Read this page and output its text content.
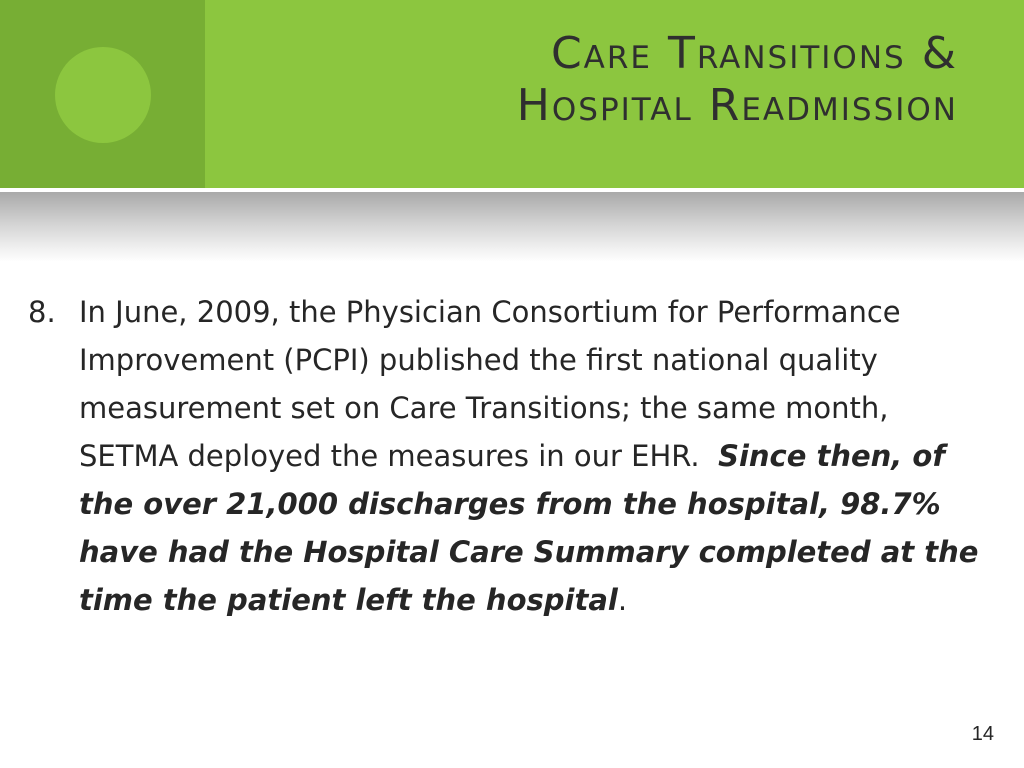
Care Transitions &
Hospital Readmission
8. In June, 2009, the Physician Consortium for Performance Improvement (PCPI) published the first national quality measurement set on Care Transitions; the same month, SETMA deployed the measures in our EHR. Since then, of the over 21,000 discharges from the hospital, 98.7% have had the Hospital Care Summary completed at the time the patient left the hospital.

14
